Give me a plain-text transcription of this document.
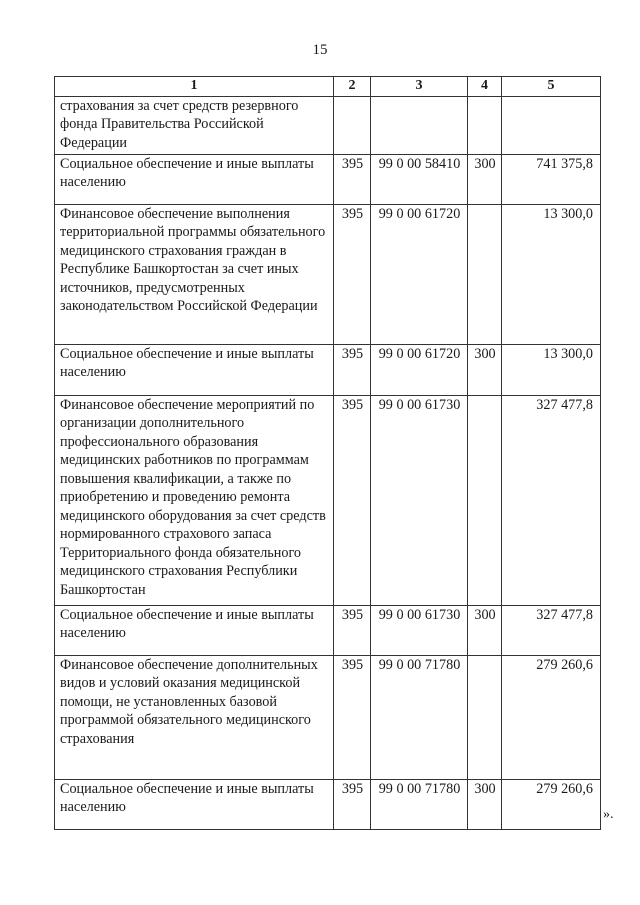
15
1	2	3	4	5
страхования за счет средств резервного фонда Правительства Российской Федерации				
Социальное обеспечение и иные выплаты населению	395	99 0 00 58410	300	741 375,8
Финансовое обеспечение выполнения территориальной программы обязательного медицинского страхования граждан в Республике Башкортостан за счет иных источников, предусмотренных законодательством Российской Федерации	395	99 0 00 61720		13 300,0
Социальное обеспечение и иные выплаты населению	395	99 0 00 61720	300	13 300,0
Финансовое обеспечение мероприятий по организации дополнительного профессионального образования медицинских работников по программам повышения квалификации, а также по приобретению и проведению ремонта медицинского оборудования за счет средств нормированного страхового запаса Территориального фонда обязательного медицинского страхования Республики Башкортостан	395	99 0 00 61730		327 477,8
Социальное обеспечение и иные выплаты населению	395	99 0 00 61730	300	327 477,8
Финансовое обеспечение дополнительных видов и условий оказания медицинской помощи, не установленных базовой программой обязательного медицинского страхования	395	99 0 00 71780		279 260,6
Социальное обеспечение и иные выплаты населению	395	99 0 00 71780	300	279 260,6
».
